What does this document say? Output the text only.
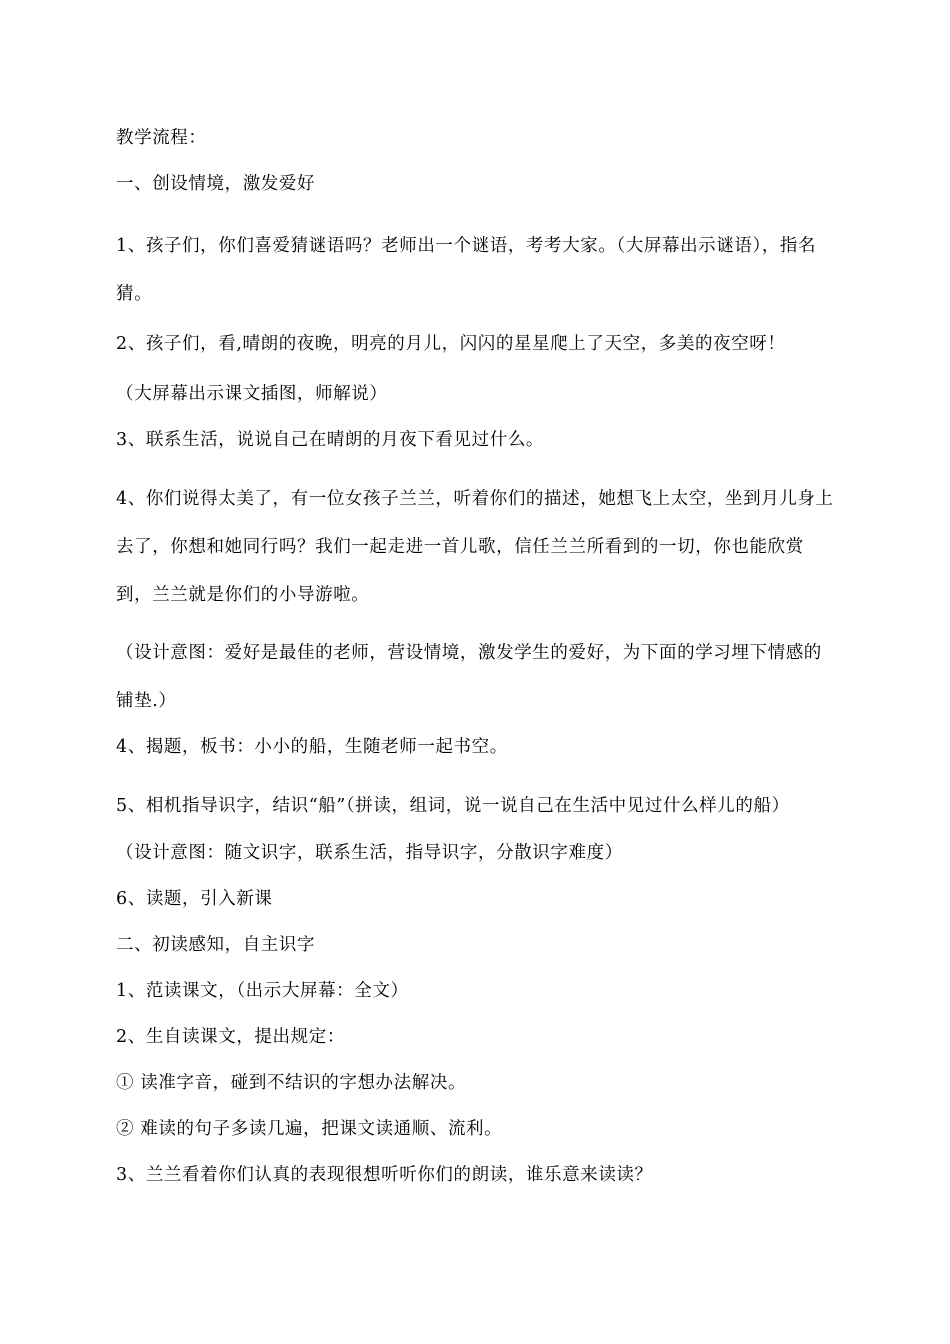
教学流程：

一、创设情境，激发爱好

1、孩子们，你们喜爱猜谜语吗？老师出一个谜语，考考大家。（大屏幕出示谜语），指名猜。

2、孩子们，看,晴朗的夜晚，明亮的月儿，闪闪的星星爬上了天空，多美的夜空呀！

（大屏幕出示课文插图，师解说）

3、联系生活，说说自己在晴朗的月夜下看见过什么。

4、你们说得太美了，有一位女孩子兰兰，听着你们的描述，她想飞上太空，坐到月儿身上去了，你想和她同行吗？我们一起走进一首儿歌，信任兰兰所看到的一切，你也能欣赏到，兰兰就是你们的小导游啦。

（设计意图：爱好是最佳的老师，营设情境，激发学生的爱好，为下面的学习埋下情感的铺垫.）

4、揭题，板书：小小的船，生随老师一起书空。

5、相机指导识字，结识“船”（拼读，组词，说一说自己在生活中见过什么样儿的船）

（设计意图：随文识字，联系生活，指导识字，分散识字难度）

6、读题，引入新课

二、初读感知，自主识字

1、范读课文，（出示大屏幕：全文）

2、生自读课文，提出规定：

① 读准字音，碰到不结识的字想办法解决。

② 难读的句子多读几遍，把课文读通顺、流利。

3、兰兰看着你们认真的表现很想听听你们的朗读，谁乐意来读读？
